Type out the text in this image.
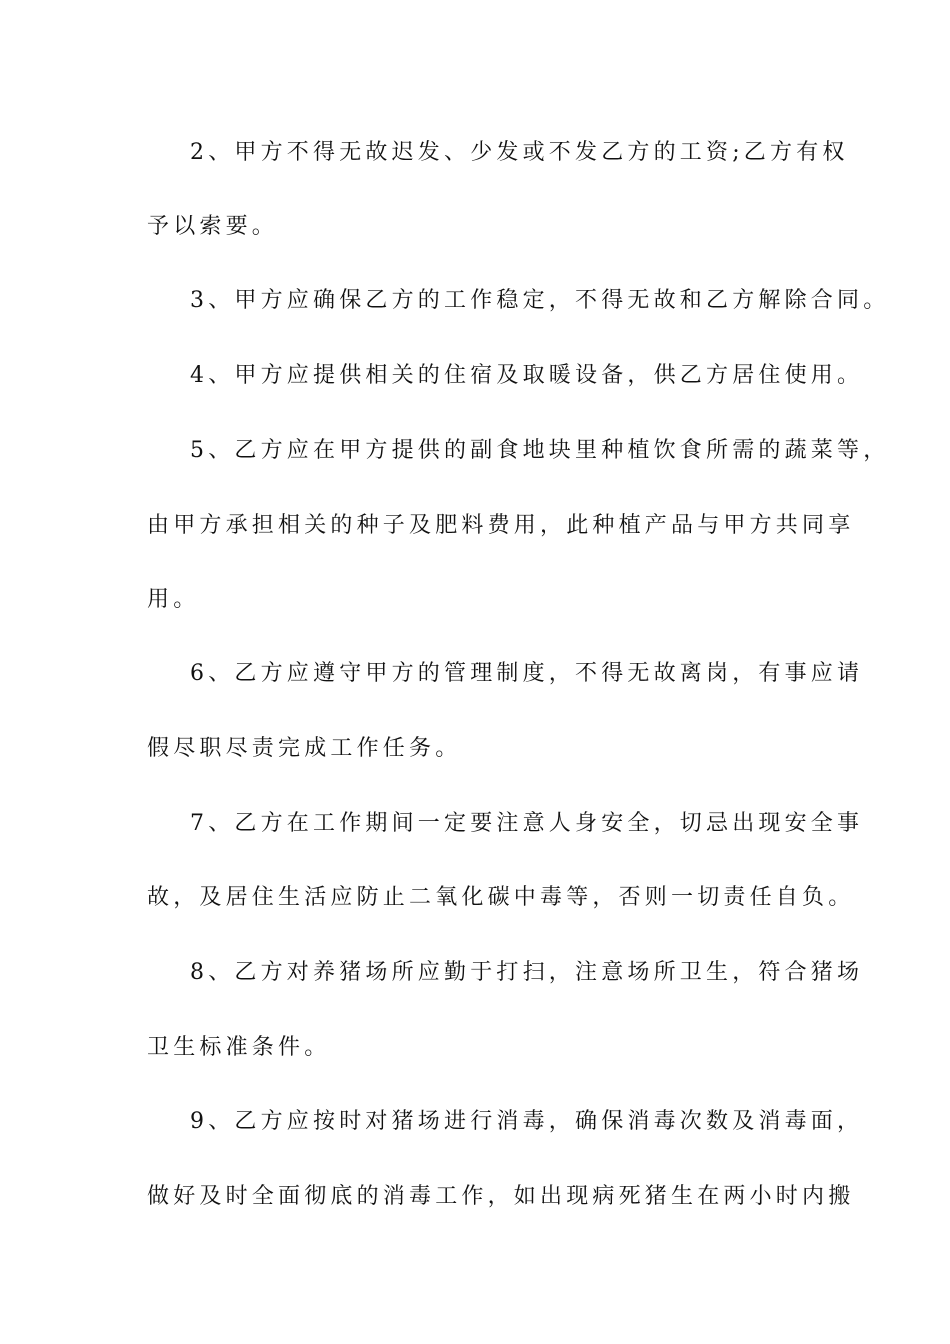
2、甲方不得无故迟发、少发或不发乙方的工资;乙方有权
予以索要。
3、甲方应确保乙方的工作稳定，不得无故和乙方解除合同。
4、甲方应提供相关的住宿及取暖设备，供乙方居住使用。
5、乙方应在甲方提供的副食地块里种植饮食所需的蔬菜等，
由甲方承担相关的种子及肥料费用，此种植产品与甲方共同享
用。
6、乙方应遵守甲方的管理制度，不得无故离岗，有事应请
假尽职尽责完成工作任务。
7、乙方在工作期间一定要注意人身安全，切忌出现安全事
故，及居住生活应防止二氧化碳中毒等，否则一切责任自负。
8、乙方对养猪场所应勤于打扫，注意场所卫生，符合猪场
卫生标准条件。
9、乙方应按时对猪场进行消毒，确保消毒次数及消毒面，
做好及时全面彻底的消毒工作，如出现病死猪生在两小时内搬
